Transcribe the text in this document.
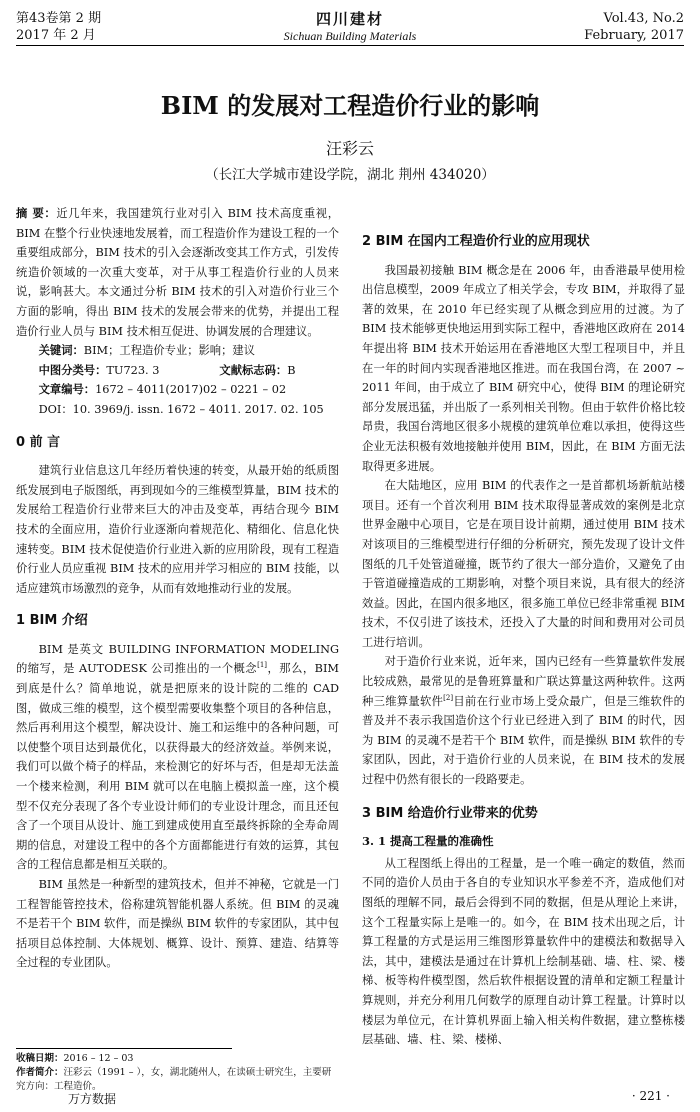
第43卷第 2 期
2017 年 2 月
四川建材
Sichuan Building Materials
Vol.43, No.2
February, 2017
BIM 的发展对工程造价行业的影响
汪彩云
（长江大学城市建设学院，湖北 荆州 434020）

摘 要：近几年来，我国建筑行业对引入 BIM 技术高度重视，BIM 在整个行业快速地发展着，而工程造价作为建设工程的一个重要组成部分，BIM 技术的引入会逐渐改变其工作方式，引发传统造价领域的一次重大变革，对于从事工程造价行业的人员来说，影响甚大。本文通过分析 BIM 技术的引入对造价行业三个方面的影响，得出 BIM 技术的发展会带来的优势，并提出工程造价行业人员与 BIM 技术相互促进、协调发展的合理建议。

关键词：BIM；工程造价专业；影响；建议

中图分类号：TU723. 3	文献标志码：B

文章编号：1672 – 4011(2017)02 – 0221 – 02

DOI：10. 3969/j. issn. 1672 – 4011. 2017. 02. 105

0 前 言

建筑行业信息这几年经历着快速的转变，从最开始的纸质图纸发展到电子版图纸，再到现如今的三维模型算量，BIM 技术的发展给工程造价行业带来巨大的冲击及变革，再结合现今 BIM 技术的全面应用，造价行业逐渐向着规范化、精细化、信息化快速转变。BIM 技术促使造价行业进入新的应用阶段，现有工程造价行业人员应重视 BIM 技术的应用并学习相应的 BIM 技能，以适应建筑市场激烈的竞争，从而有效地推动行业的发展。

1 BIM 介绍

BIM 是英文 BUILDING INFORMATION MODELING 的缩写，是 AUTODESK 公司推出的一个概念[1]，那么，BIM 到底是什么？简单地说，就是把原来的设计院的二维的 CAD 图，做成三维的模型，这个模型需要收集整个项目的各种信息，然后再利用这个模型，解决设计、施工和运维中的各种问题，可以使整个项目达到最优化，以获得最大的经济效益。举例来说，我们可以做个椅子的样品，来检测它的好坏与否，但是却无法盖一个楼来检测，利用 BIM 就可以在电脑上模拟盖一座，这个模型不仅充分表现了各个专业设计师们的专业设计理念，而且还包含了一个项目从设计、施工到建成使用直至最终拆除的全寿命周期的信息，对建设工程中的各个方面都能进行有效的运算，其包含的工程信息都是相互关联的。

BIM 虽然是一种新型的建筑技术，但并不神秘，它就是一门工程智能管控技术，俗称建筑智能机器人系统。但 BIM 的灵魂不是若干个 BIM 软件，而是操纵 BIM 软件的专家团队，其中包括项目总体控制、大体规划、概算、设计、预算、建造、结算等全过程的专业团队。

2 BIM 在国内工程造价行业的应用现状

我国最初接触 BIM 概念是在 2006 年，由香港最早使用检出信息模型，2009 年成立了相关学会，专攻 BIM，并取得了显著的效果，在 2010 年已经实现了从概念到应用的过渡。为了 BIM 技术能够更快地运用到实际工程中，香港地区政府在 2014 年提出将 BIM 技术开始运用在香港地区大型工程项目中，并且在一年的时间内实现香港地区推进。而在我国台湾，在 2007 ~ 2011 年间，由于成立了 BIM 研究中心，使得 BIM 的理论研究部分发展迅猛，并出版了一系列相关刊物。但由于软件价格比较昂贵，我国台湾地区很多小规模的建筑单位难以承担，使得这些企业无法积极有效地接触并使用 BIM，因此，在 BIM 方面无法取得更多进展。

在大陆地区，应用 BIM 的代表作之一是首都机场新航站楼项目。还有一个首次利用 BIM 技术取得显著成效的案例是北京世界金融中心项目，它是在项目设计前期，通过使用 BIM 技术对该项目的三维模型进行仔细的分析研究，预先发现了设计文件图纸的几千处管道碰撞，既节约了很大一部分造价，又避免了由于管道碰撞造成的工期影响，对整个项目来说，具有很大的经济效益。因此，在国内很多地区，很多施工单位已经非常重视 BIM 技术，不仅引进了该技术，还投入了大量的时间和费用对公司员工进行培训。

对于造价行业来说，近年来，国内已经有一些算量软件发展比较成熟，最常见的是鲁班算量和广联达算量这两种软件。这两种三维算量软件[2]目前在行业市场上受众最广，但是三维软件的普及并不表示我国造价这个行业已经进入到了 BIM 的时代，因为 BIM 的灵魂不是若干个 BIM 软件，而是操纵 BIM 软件的专家团队，因此，对于造价行业的人员来说，在 BIM 技术的发展过程中仍然有很长的一段路要走。

3 BIM 给造价行业带来的优势
3. 1 提高工程量的准确性

从工程图纸上得出的工程量，是一个唯一确定的数值，然而不同的造价人员由于各自的专业知识水平参差不齐，造成他们对图纸的理解不同，最后会得到不同的数据，但是从理论上来讲，这个工程量实际上是唯一的。如今，在 BIM 技术出现之后，计算工程量的方式是运用三维图形算量软件中的建模法和数据导入法，其中，建模法是通过在计算机上绘制基础、墙、柱、梁、楼梯、板等构件模型图，然后软件根据设置的清单和定额工程量计算规则，并充分利用几何数学的原理自动计算工程量。计算时以楼层为单位元，在计算机界面上输入相关构件数据，建立整栋楼层基础、墙、柱、梁、楼梯、

收稿日期：2016 – 12 – 03
作者简介：汪彩云（1991 – ），女，湖北随州人，在读硕士研究生，主要研究方向：工程造价。
万方数据	· 221 ·
